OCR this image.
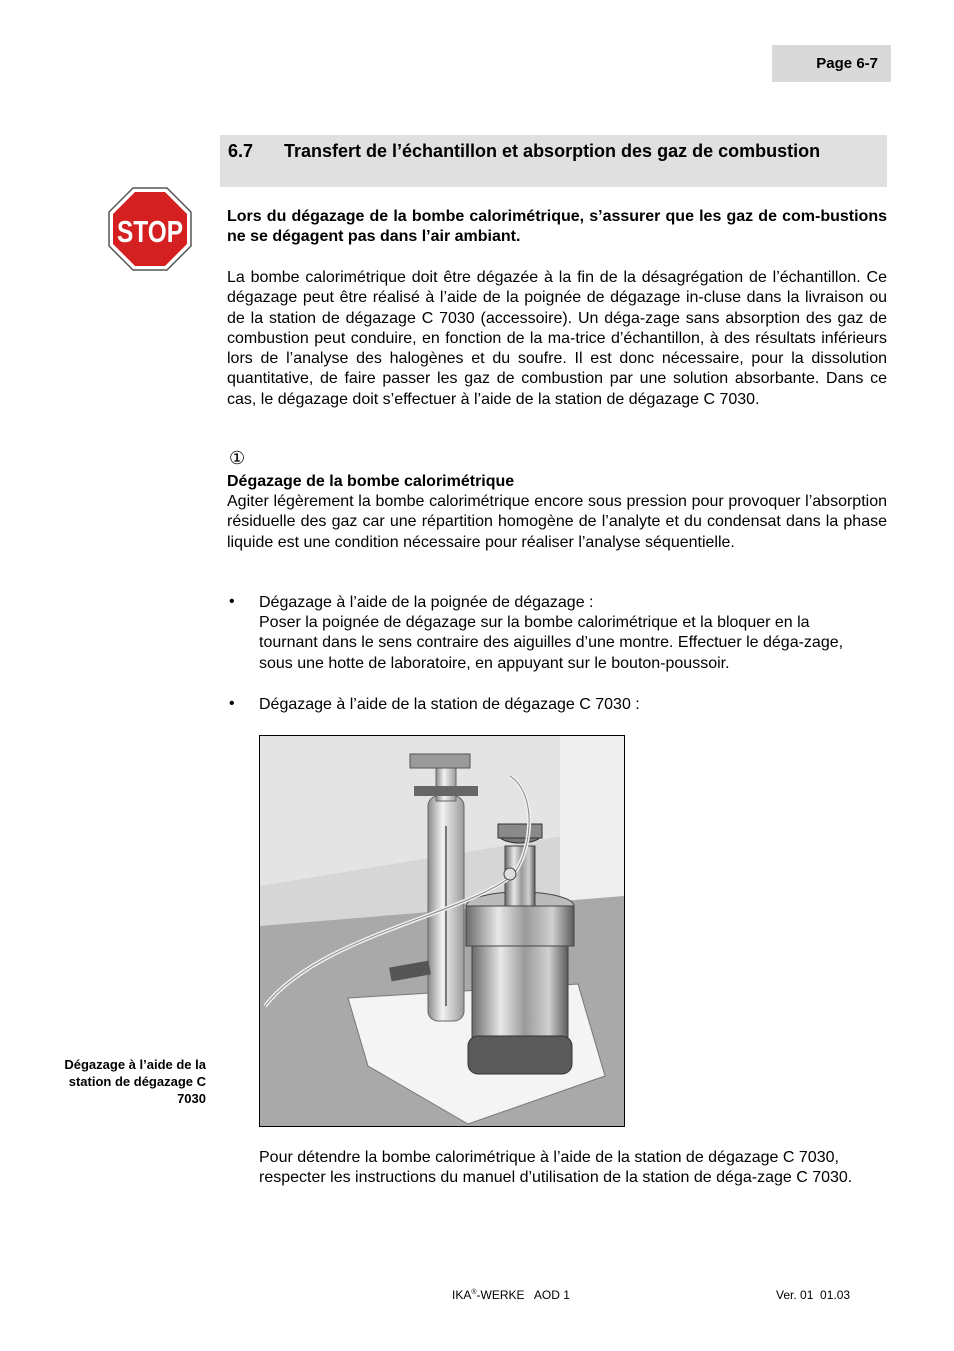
Page 6-7
6.7 Transfert de l’échantillon et absorption des gaz de combustion
STOP	Lors du dégazage de la bombe calorimétrique, s’assurer que les gaz de com-bustions ne se dégagent pas dans l’air ambiant.
La bombe calorimétrique doit être dégazée à la fin de la désagrégation de l’échantillon. Ce dégazage peut être réalisé à l’aide de la poignée de dégazage in-cluse dans la livraison ou de la station de dégazage C 7030 (accessoire). Un déga-zage sans absorption des gaz de combustion peut conduire, en fonction de la ma-trice d’échantillon, à des résultats inférieurs lors de l’analyse des halogènes et du soufre. Il est donc nécessaire, pour la dissolution quantitative, de faire passer les gaz de combustion par une solution absorbante. Dans ce cas, le dégazage doit s’effectuer à l’aide de la station de dégazage C 7030.
①
Dégazage de la bombe calorimétrique
Agiter légèrement la bombe calorimétrique encore sous pression pour provoquer l’absorption résiduelle des gaz car une répartition homogène de l’analyte et du condensat dans la phase liquide est une condition nécessaire pour réaliser l’analyse séquentielle.
• Dégazage à l’aide de la poignée de dégazage :
Poser la poignée de dégazage sur la bombe calorimétrique et la bloquer en la tournant dans le sens contraire des aiguilles d’une montre. Effectuer le déga-zage, sous une hotte de laboratoire, en appuyant sur le bouton-poussoir.
• Dégazage à l’aide de la station de dégazage C 7030 :
Dégazage à l’aide de la station de dégazage C 7030
Pour détendre la bombe calorimétrique à l’aide de la station de dégazage C 7030, respecter les instructions du manuel d’utilisation de la station de déga-zage C 7030.
IKA®-WERKE   AOD 1	Ver. 01  01.03
